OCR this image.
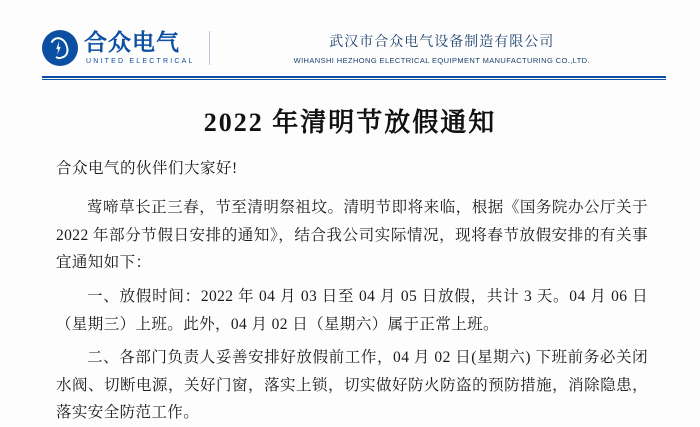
合众电气
UNITED ELECTRICAL
武汉市合众电气设备制造有限公司
WIHANSHI HEZHONG ELECTRICAL EQUIPMENT MANUFACTURING CO.,LTD.
2022 年清明节放假通知
合众电气的伙伴们大家好!

莺啼草长正三春，节至清明祭祖坟。清明节即将来临，根据《国务院办公厅关于 2022 年部分节假日安排的通知》，结合我公司实际情况，现将春节放假安排的有关事宜通知如下：

一、放假时间：2022 年 04 月 03 日至 04 月 05 日放假，共计 3 天。04 月 06 日（星期三）上班。此外，04 月 02 日（星期六）属于正常上班。

二、各部门负责人妥善安排好放假前工作，04 月 02 日(星期六) 下班前务必关闭水阀、切断电源，关好门窗，落实上锁，切实做好防火防盗的预防措施，消除隐患，落实安全防范工作。
